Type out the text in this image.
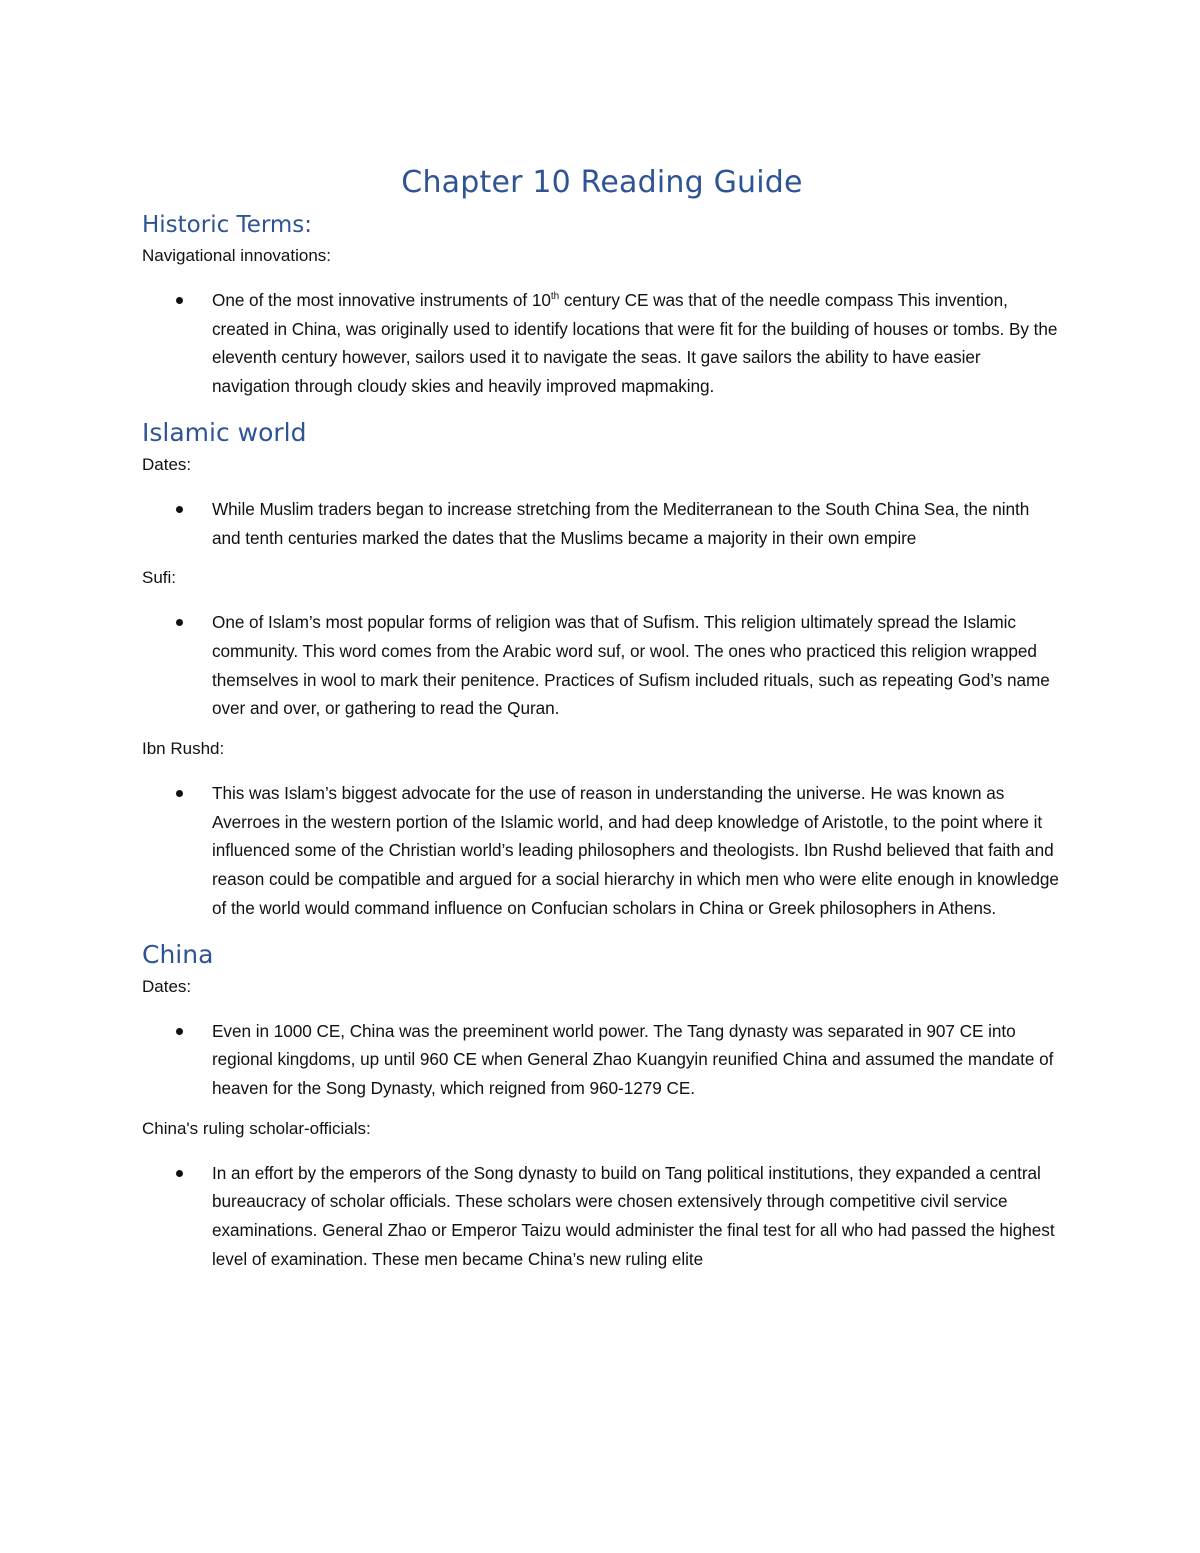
Chapter 10 Reading Guide
Historic Terms:

Navigational innovations:

One of the most innovative instruments of 10th century CE was that of the needle compass This invention, created in China, was originally used to identify locations that were fit for the building of houses or tombs. By the eleventh century however, sailors used it to navigate the seas. It gave sailors the ability to have easier navigation through cloudy skies and heavily improved mapmaking.
Islamic world

Dates:

While Muslim traders began to increase stretching from the Mediterranean to the South China Sea, the ninth and tenth centuries marked the dates that the Muslims became a majority in their own empire

Sufi:

One of Islam’s most popular forms of religion was that of Sufism. This religion ultimately spread the Islamic community. This word comes from the Arabic word suf, or wool. The ones who practiced this religion wrapped themselves in wool to mark their penitence. Practices of Sufism included rituals, such as repeating God’s name over and over, or gathering to read the Quran.

Ibn Rushd:

This was Islam’s biggest advocate for the use of reason in understanding the universe. He was known as Averroes in the western portion of the Islamic world, and had deep knowledge of Aristotle, to the point where it influenced some of the Christian world’s leading philosophers and theologists. Ibn Rushd believed that faith and reason could be compatible and argued for a social hierarchy in which men who were elite enough in knowledge of the world would command influence on Confucian scholars in China or Greek philosophers in Athens.
China

Dates:

Even in 1000 CE, China was the preeminent world power. The Tang dynasty was separated in 907 CE into regional kingdoms, up until 960 CE when General Zhao Kuangyin reunified China and assumed the mandate of heaven for the Song Dynasty, which reigned from 960-1279 CE.

China's ruling scholar-officials:

In an effort by the emperors of the Song dynasty to build on Tang political institutions, they expanded a central bureaucracy of scholar officials. These scholars were chosen extensively through competitive civil service examinations. General Zhao or Emperor Taizu would administer the final test for all who had passed the highest level of examination. These men became China’s new ruling elite
